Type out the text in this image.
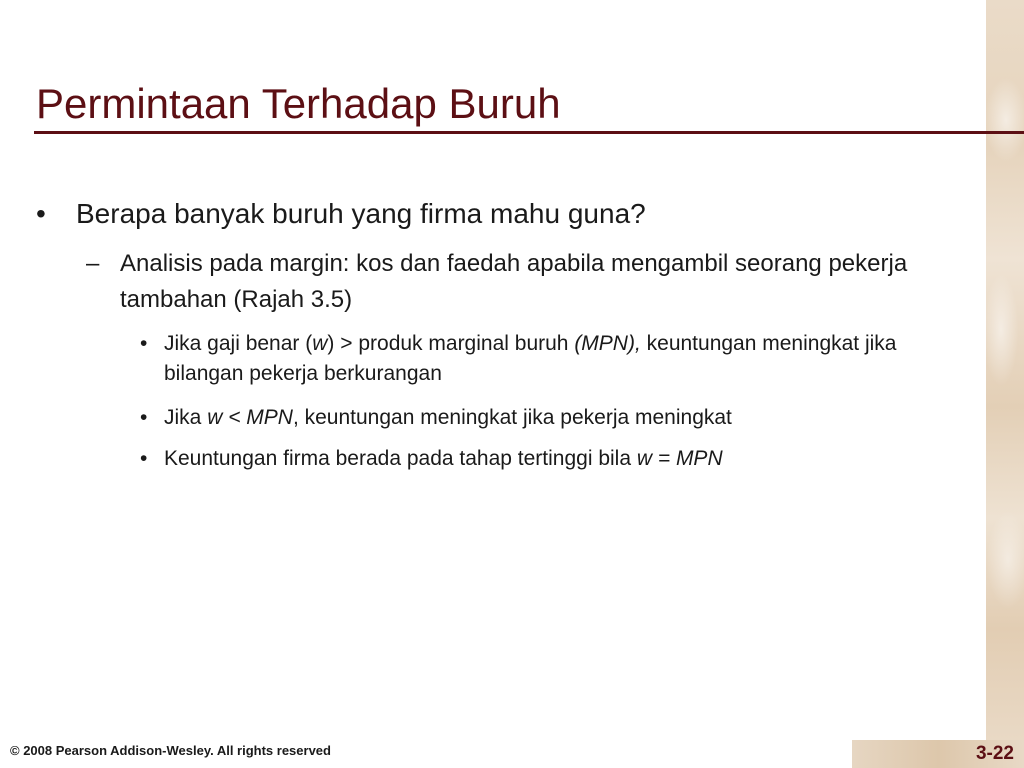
Permintaan Terhadap Buruh
• Berapa banyak buruh yang firma mahu guna?
– Analisis pada margin: kos dan faedah apabila mengambil seorang pekerja tambahan (Rajah 3.5)
• Jika gaji benar (w) > produk marginal buruh (MPN), keuntungan meningkat jika bilangan pekerja berkurangan
• Jika w < MPN, keuntungan meningkat jika pekerja meningkat
• Keuntungan firma berada pada tahap tertinggi bila w = MPN
© 2008 Pearson Addison-Wesley. All rights reserved	3-22
